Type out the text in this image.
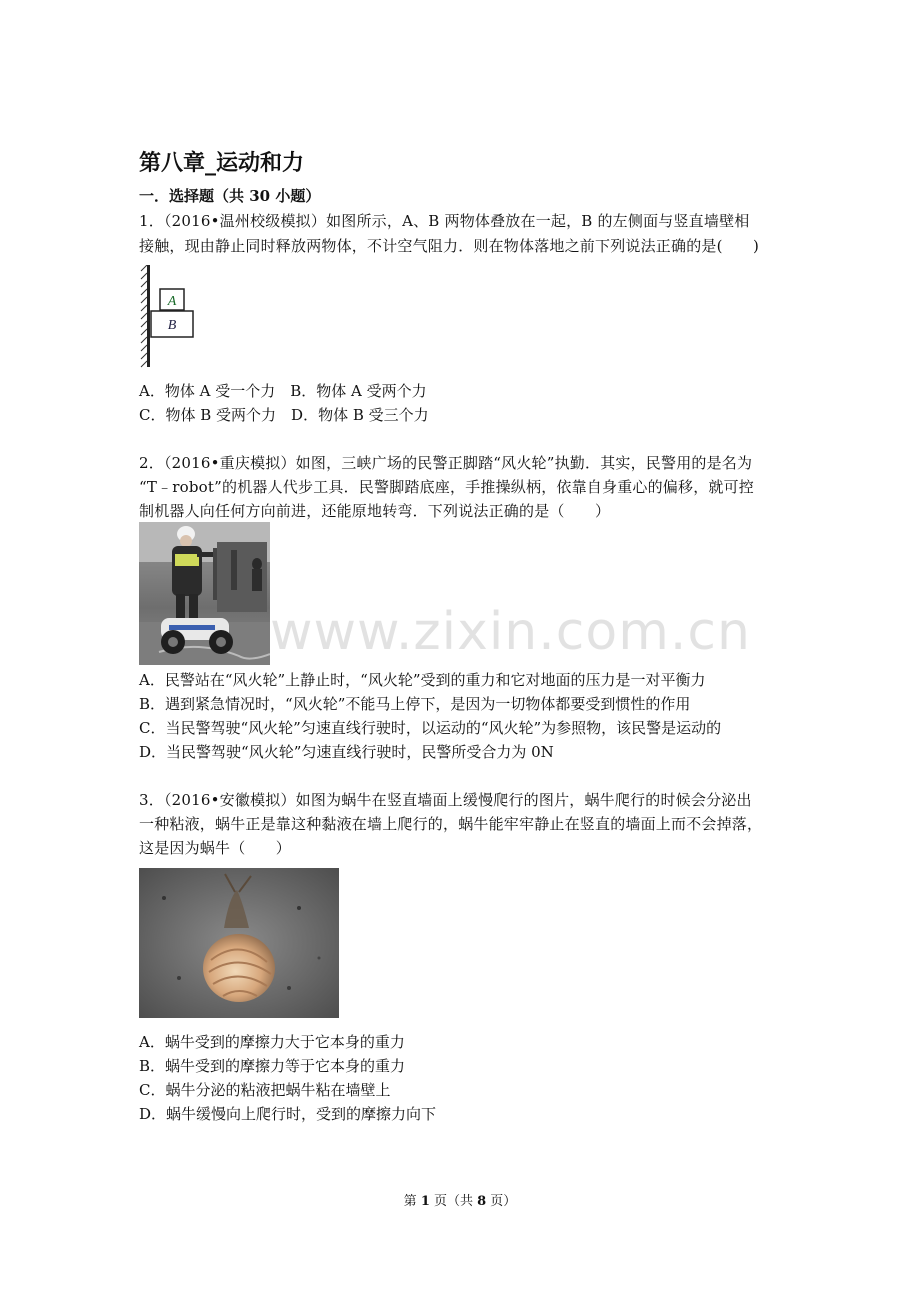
第八章_运动和力
一．选择题（共 30 小题）
1．（2016•温州校级模拟）如图所示，A、B 两物体叠放在一起，B 的左侧面与竖直墙壁相
接触，现由静止同时释放两物体，不计空气阻力．则在物体落地之前下列说法正确的是(　　)
A
B
A．物体 A 受一个力　B．物体 A 受两个力
C．物体 B 受两个力　D．物体 B 受三个力
2．（2016•重庆模拟）如图，三峡广场的民警正脚踏“风火轮”执勤．其实，民警用的是名为
“T﹣robot”的机器人代步工具．民警脚踏底座，手推操纵柄，依靠自身重心的偏移，就可控
制机器人向任何方向前进，还能原地转弯．下列说法正确的是（　　）
www.zixin.com.cn
A．民警站在“风火轮”上静止时，“风火轮”受到的重力和它对地面的压力是一对平衡力
B．遇到紧急情况时，“风火轮”不能马上停下，是因为一切物体都要受到惯性的作用
C．当民警驾驶“风火轮”匀速直线行驶时，以运动的“风火轮”为参照物，该民警是运动的
D．当民警驾驶“风火轮”匀速直线行驶时，民警所受合力为 0N
3．（2016•安徽模拟）如图为蜗牛在竖直墙面上缓慢爬行的图片，蜗牛爬行的时候会分泌出
一种粘液，蜗牛正是靠这种黏液在墙上爬行的，蜗牛能牢牢静止在竖直的墙面上而不会掉落，
这是因为蜗牛（　　）
A．蜗牛受到的摩擦力大于它本身的重力
B．蜗牛受到的摩擦力等于它本身的重力
C．蜗牛分泌的粘液把蜗牛粘在墙壁上
D．蜗牛缓慢向上爬行时，受到的摩擦力向下
第 1 页（共 8 页）
